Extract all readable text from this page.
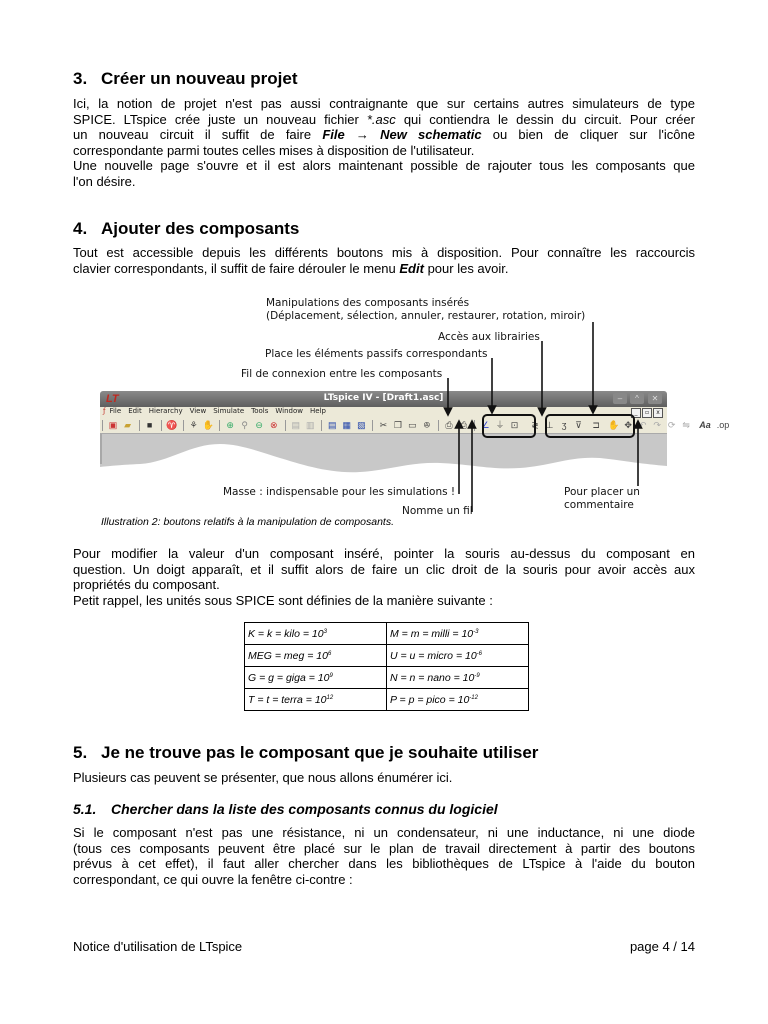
3. Créer un nouveau projet
Ici, la notion de projet n'est pas aussi contraignante que sur certains autres simulateurs de type
SPICE. LTspice crée juste un nouveau fichier *.asc qui contiendra le dessin du circuit. Pour créer
un nouveau circuit il suffit de faire File → New schematic ou bien de cliquer sur l'icône
correspondante parmi toutes celles mises à disposition de l'utilisateur.
Une nouvelle page s'ouvre et il est alors maintenant possible de rajouter tous les composants que
l'on désire.
4. Ajouter des composants
Tout est accessible depuis les différents boutons mis à disposition. Pour connaître les raccourcis
clavier correspondants, il suffit de faire dérouler le menu Edit pour les avoir.
Manipulations des composants insérés
(Déplacement, sélection, annuler, restaurer, rotation, miroir)
Accès aux librairies
Place les éléments passifs correspondants
Fil de connexion entre les composants
LT	LTspice IV - [Draft1.asc]	‒	^	✕
ƒ File Edit Hierarchy View Simulate Tools Window Help	_ ▫ x
▣ ▰ ■ ♈ ⚘ ✋ ⊕ ⚲ ⊖ ⊗ ▤ ▥ ▤ ▦ ▧ ✂ ❐ ▭ ꔮ ⎙ ⎙ ∠ ⏚ ⊡ ≷ ⊥ ʒ ⊽ ⊐ ✋ ✥ ↶ ↷ ⟳ ⇋ Aa .op
Masse : indispensable pour les simulations !
Nomme un fil
Pour placer un
commentaire
Illustration 2: boutons relatifs à la manipulation de composants.
Pour modifier la valeur d'un composant inséré, pointer la souris au-dessus du composant en
question. Un doigt apparaît, et il suffit alors de faire un clic droit de la souris pour avoir accès aux
propriétés du composant.
Petit rappel, les unités sous SPICE sont définies de la manière suivante :
K = k = kilo = $10^3$	M = m = milli = $10^{-3}$
MEG = meg = $10^6$	U = u = micro = $10^{-6}$
G = g = giga = $10^9$	N = n = nano = $10^{-9}$
T = t = terra = $10^{12}$	P = p = pico = $10^{-12}$
5. Je ne trouve pas le composant que je souhaite utiliser
Plusieurs cas peuvent se présenter, que nous allons énumérer ici.
5.1. Chercher dans la liste des composants connus du logiciel
Si le composant n'est pas une résistance, ni un condensateur, ni une inductance, ni une diode
(tous ces composants peuvent être placé sur le plan de travail directement à partir des boutons
prévus à cet effet), il faut aller chercher dans les bibliothèques de LTspice à l'aide du bouton
correspondant, ce qui ouvre la fenêtre ci-contre :
Notice d'utilisation de LTspice	page 4 / 14
